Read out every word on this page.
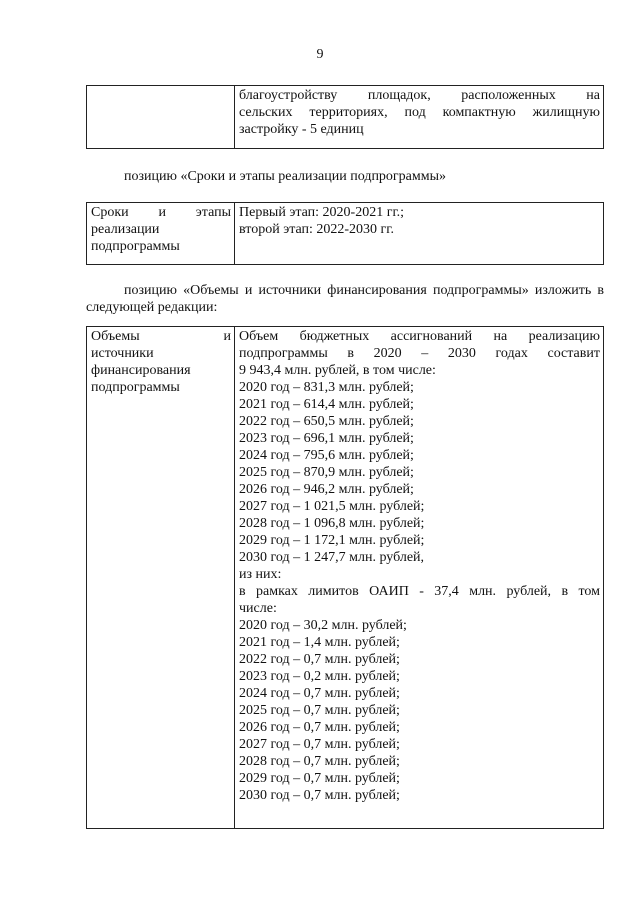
9

благоустройству площадок, расположенных на
сельских территориях, под компактную жилищную
застройку - 5 единиц
позицию «Сроки и этапы реализации подпрограммы»
Сроки и этапы
реализации
подпрограммы

Первый этап: 2020-2021 гг.;
второй этап: 2022-2030 гг.
позицию «Объемы и источники финансирования подпрограммы» изложить в следующей редакции:
Объемы и
источники
финансирования
подпрограммы

Объем бюджетных ассигнований на реализацию
подпрограммы в 2020 – 2030 годах составит
9 943,4 млн. рублей, в том числе:
2020 год – 831,3 млн. рублей;
2021 год – 614,4 млн. рублей;
2022 год – 650,5 млн. рублей;
2023 год – 696,1 млн. рублей;
2024 год – 795,6 млн. рублей;
2025 год – 870,9 млн. рублей;
2026 год – 946,2 млн. рублей;
2027 год – 1 021,5 млн. рублей;
2028 год – 1 096,8 млн. рублей;
2029 год – 1 172,1 млн. рублей;
2030 год – 1 247,7 млн. рублей,
из них:
в рамках лимитов ОАИП - 37,4 млн. рублей, в том
числе:
2020 год – 30,2 млн. рублей;
2021 год – 1,4 млн. рублей;
2022 год – 0,7 млн. рублей;
2023 год – 0,2 млн. рублей;
2024 год – 0,7 млн. рублей;
2025 год – 0,7 млн. рублей;
2026 год – 0,7 млн. рублей;
2027 год – 0,7 млн. рублей;
2028 год – 0,7 млн. рублей;
2029 год – 0,7 млн. рублей;
2030 год – 0,7 млн. рублей;
